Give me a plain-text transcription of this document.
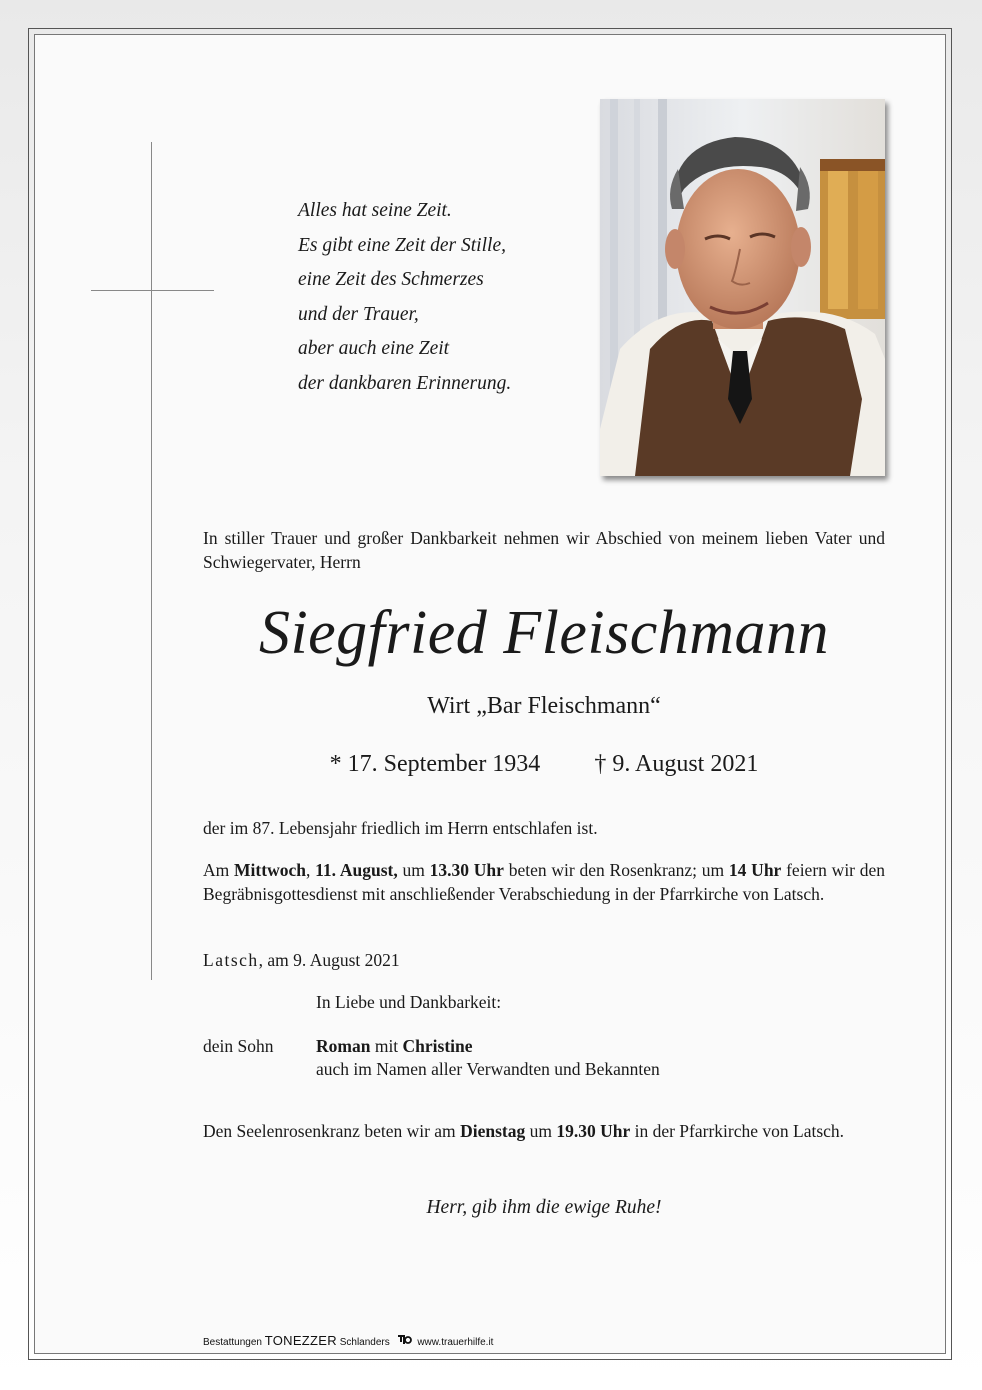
Alles hat seine Zeit.
Es gibt eine Zeit der Stille,
eine Zeit des Schmerzes
und der Trauer,
aber auch eine Zeit
der dankbaren Erinnerung.
In stiller Trauer und großer Dankbarkeit nehmen wir Abschied von meinem lieben Vater und Schwiegervater, Herrn
Siegfried Fleischmann
Wirt „Bar Fleischmann“
* 17. September 1934 † 9. August 2021
der im 87. Lebensjahr friedlich im Herrn entschlafen ist.
Am Mittwoch, 11. August, um 13.30 Uhr beten wir den Rosenkranz; um 14 Uhr feiern wir den Begräbnisgottesdienst mit anschließender Verabschiedung in der Pfarrkirche von Latsch.
Latsch, am 9. August 2021
In Liebe und Dankbarkeit:
dein Sohn Roman mit Christine
auch im Namen aller Verwandten und Bekannten
Den Seelenrosenkranz beten wir am Dienstag um 19.30 Uhr in der Pfarrkirche von Latsch.
Herr, gib ihm die ewige Ruhe!
Bestattungen TONEZZER Schlanders	www.trauerhilfe.it
